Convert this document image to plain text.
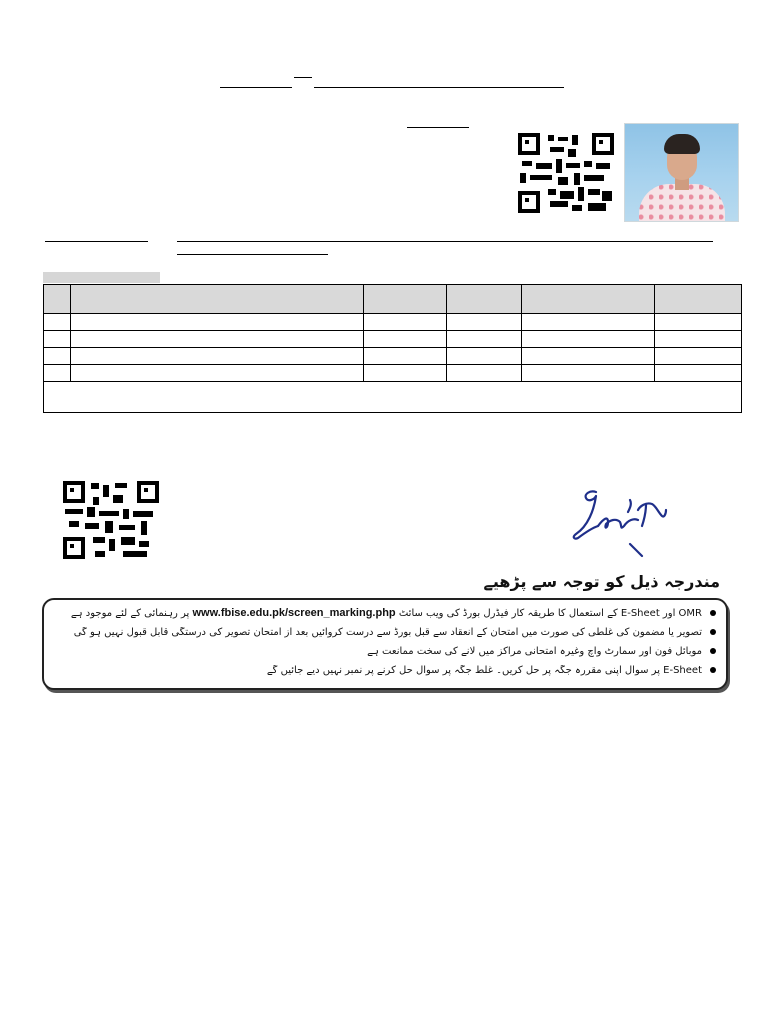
مندرجہ ذیل کو توجہ سے پڑھیے
OMR اور E-Sheet کے استعمال کا طریقہ کار فیڈرل بورڈ کی ویب سائٹ www.fbise.edu.pk/screen_marking.php پر رہنمائی کے لئے موجود ہے
تصویر یا مضمون کی غلطی کی صورت میں امتحان کے انعقاد سے قبل بورڈ سے درست کروائیں بعد از امتحان تصویر کی درستگی قابل قبول نہیں ہو گی
موبائل فون اور سمارٹ واچ وغیرہ امتحانی مراکز میں لانے کی سخت ممانعت ہے
E-Sheet پر سوال اپنی مقررہ جگہ پر حل کریں۔ غلط جگہ پر سوال حل کرنے پر نمبر نہیں دیے جائیں گے
